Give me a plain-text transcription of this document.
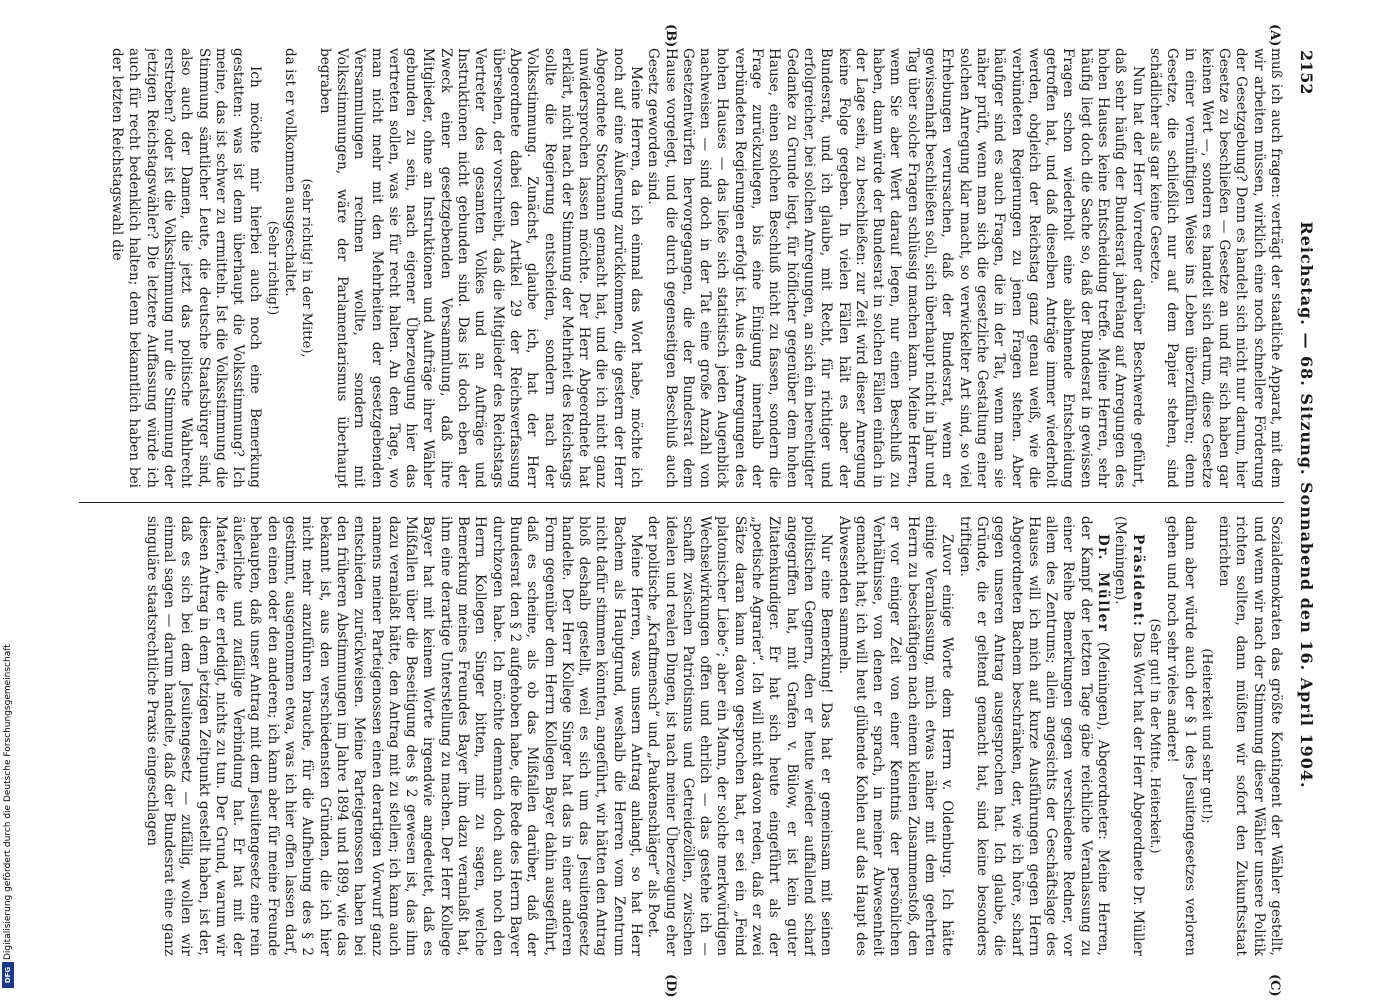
Digitalisierung gefördert durch die Deutsche Forschungsgemeinschaft
DFG
2152
Reichstag. — 68. Sitzung. Sonnabend den 16. April 1904.
(A)
(B)
(C)
(D)

muß ich auch fragen: verträgt der staatliche Apparat, mit dem wir arbeiten müssen, wirklich eine noch schnellere Förderung der Gesetzgebung? Denn es handelt sich nicht nur darum, hier Gesetze zu beschließen — Gesetze an und für sich haben gar keinen Wert —, sondern es handelt sich darum, diese Gesetze in einer vernünftigen Weise ins Leben überzuführen; denn Gesetze, die schließlich nur auf dem Papier stehen, sind schädlicher als gar keine Gesetze.

Nun hat der Herr Vorredner darüber Beschwerde geführt, daß sehr häufig der Bundesrat jahrelang auf Anregungen des hohen Hauses keine Entscheidung treffe. Meine Herren, sehr häufig liegt doch die Sache so, daß der Bundesrat in gewissen Fragen schon wiederholt eine ablehnende Entscheidung getroffen hat, und daß dieselben Anträge immer wiederholt werden, obgleich der Reichstag ganz genau weiß, wie die verbündeten Regierungen zu jenen Fragen stehen. Aber häufiger sind es auch Fragen, die in der Tat, wenn man sie näher prüft, wenn man sich die gesetzliche Gestaltung einer solchen Anregung klar macht, so verwickelter Art sind, so viel Erhebungen verursachen, daß der Bundesrat, wenn er gewissenhaft beschließen soll, sich überhaupt nicht in Jahr und Tag über solche Fragen schlüssig machen kann. Meine Herren, wenn Sie aber Wert darauf legen, nur einen Beschluß zu haben, dann würde der Bundesrat in solchen Fällen einfach in der Lage sein, zu beschließen: zur Zeit wird dieser Anregung keine Folge gegeben. In vielen Fällen hält es aber der Bundesrat, und ich glaube, mit Recht, für richtiger und erfolgreicher, bei solchen Anregungen, an sich ein berechtigter Gedanke zu Grunde liegt, für höflicher gegenüber dem hohen Hause, einen solchen Beschluß nicht zu fassen, sondern die Frage zurückzulegen, bis eine Einigung innerhalb der verbündeten Regierungen erfolgt ist. Aus den Anregungen des hohen Hauses — das ließe sich statistisch jeden Augenblick nachweisen — sind doch in der Tat eine große Anzahl von Gesetzentwürfen hervorgegangen, die der Bundesrat dem Hause vorgelegt, und die durch gegenseitigen Beschluß auch Gesetz geworden sind.

Meine Herren, da ich einmal das Wort habe, möchte ich noch auf eine Äußerung zurückkommen, die gestern der Herr Abgeordnete Stockmann gemacht hat, und die ich nicht ganz unwidersprochen lassen möchte. Der Herr Abgeordnete hat erklärt, nicht nach der Stimmung der Mehrheit des Reichstags sollte die Regierung entscheiden, sondern nach der Volksstimmung. Zunächst, glaube ich, hat der Herr Abgeordnete dabei den Artikel 29 der Reichsverfassung übersehen, der vorschreibt, daß die Mitglieder des Reichstags Vertreter des gesamten Volkes und an Aufträge und Instruktionen nicht gebunden sind. Das ist doch eben der Zweck einer gesetzgebenden Versammlung, daß ihre Mitglieder, ohne an Instruktionen und Aufträge ihrer Wähler gebunden zu sein, nach eigener Überzeugung hier das vertreten sollen, was sie für recht halten. An dem Tage, wo man nicht mehr mit den Mehrheiten der gesetzgebenden Versammlungen rechnen wollte, sondern mit Volksstimmungen, wäre der Parlamentarismus überhaupt begraben

(sehr richtig! in der Mitte),

da ist er vollkommen ausgeschaltet.

(Sehr richtig!)

Ich möchte mir hierbei auch noch eine Bemerkung gestatten: was ist denn überhaupt die Volksstimmung? Ich meine, das ist schwer zu ermitteln. Ist die Volksstimmung die Stimmung sämtlicher Leute, die deutsche Staatsbürger sind, also auch der Damen, die jetzt das politische Wahlrecht erstreben? oder ist die Volksstimmung nur die Stimmung der jetzigen Reichstagswähler? Die letztere Auffassung würde ich auch für recht bedenklich halten; denn bekanntlich haben bei der letzten Reichstagswahl die

Sozialdemokraten das größte Kontingent der Wähler gestellt, und wenn wir nach der Stimmung dieser Wähler unsere Politik richten sollten, dann müßten wir sofort den Zukunftsstaat einrichten

(Heiterkeit und sehr gut!);

dann aber würde auch der § 1 des Jesuitengesetzes verloren gehen und noch sehr vieles andere!

(Sehr gut! in der Mitte. Heiterkeit.)

Präsident: Das Wort hat der Herr Abgeordnete Dr. Müller (Meiningen).

Dr. Müller (Meiningen), Abgeordneter: Meine Herren, der Kampf der letzten Tage gäbe reichliche Veranlassung zu einer Reihe Bemerkungen gegen verschiedene Redner, vor allem des Zentrums; allein angesichts der Geschäftslage des Hauses will ich mich auf kurze Ausführungen gegen Herrn Abgeordneten Bachem beschränken, der, wie ich höre, scharf gegen unseren Antrag ausgesprochen hat. Ich glaube, die Gründe, die er geltend gemacht hat, sind keine besonders triftigen.

Zuvor einige Worte dem Herrn v. Oldenburg. Ich hätte einige Veranlassung, mich etwas näher mit dem geehrten Herrn zu beschäftigen nach einem kleinen Zusammenstoß, den er vor einiger Zeit von einer Kenntnis der persönlichen Verhältnisse, von denen er sprach, in meiner Abwesenheit gemacht hat; ich will heut glühende Kohlen auf das Haupt des Abwesenden sammeln.

Nur eine Bemerkung! Das hat er gemeinsam mit seinen politischen Gegnern, den er heute wieder auffallend scharf angegriffen hat, mit Grafen v. Bülow, er ist kein guter Zitatenkundiger. Er hat sich heute eingeführt als der „poetische Agrarier“. Ich will nicht davon reden, daß er zwei Sätze daran kann davon gesprochen hat, er sei ein „Feind platonischer Liebe“; aber ein Mann, der solche merkwürdigen Wechselwirkungen offen und ehrlich — das gestehe ich — schafft zwischen Patriotismus und Getreidezöllen, zwischen idealen und realen Dingen, ist nach meiner Überzeugung eher der politische „Kraftmensch“ und „Paukenschläger“ als Poet.

Meine Herren, was unsern Antrag anlangt, so hat Herr Bachem als Hauptgrund, weshalb die Herren vom Zentrum nicht dafür stimmen könnten, angeführt, wir hätten den Antrag bloß deshalb gestellt, weil es sich um das Jesuitengesetz handelte. Der Herr Kollege Singer hat das in einer anderen Form gegenüber dem Herrn Kollegen Bayer dahin ausgeführt, daß es scheine, als ob das Mißfallen darüber, daß der Bundesrat den § 2 aufgehoben habe, die Rede des Herrn Bayer durchzogen habe. Ich möchte demnach doch auch noch den Herrn Kollegen Singer bitten, mir zu sagen, welche Bemerkung meines Freundes Bayer ihm dazu veranlaßt hat, ihm eine derartige Unterstellung zu machen. Der Herr Kollege Bayer hat mit keinem Worte irgendwie angedeutet, daß es Mißfallen über die Beseitigung des § 2 gewesen ist, das ihm dazu veranlaßt hätte, den Antrag mit zu stellen; ich kann auch namens meiner Parteigenossen einen derartigen Vorwurf ganz entschieden zurückweisen. Meine Parteigenossen haben bei den früheren Abstimmungen im Jahre 1894 und 1899, wie das bekannt ist, aus den verschiedensten Gründen, die ich hier nicht mehr anzuführen brauche, für die Aufhebung des § 2 gestimmt, ausgenommen etwa, was ich hier offen lassen darf, den einen oder den anderen; ich kann aber für meine Freunde behaupten, daß unser Antrag mit dem Jesuitengesetz eine rein äußerliche und zufällige Verbindung hat. Er hat mit der Materie, die er erledigt, nichts zu tun. Der Grund, warum wir diesen Antrag in dem jetzigen Zeitpunkt gestellt haben, ist der, daß es sich bei dem Jesuitengesetz — zufällig, wollen wir einmal sagen — darum handelte, daß der Bundesrat eine ganz singuläre staatsrechtliche Praxis eingeschlagen
